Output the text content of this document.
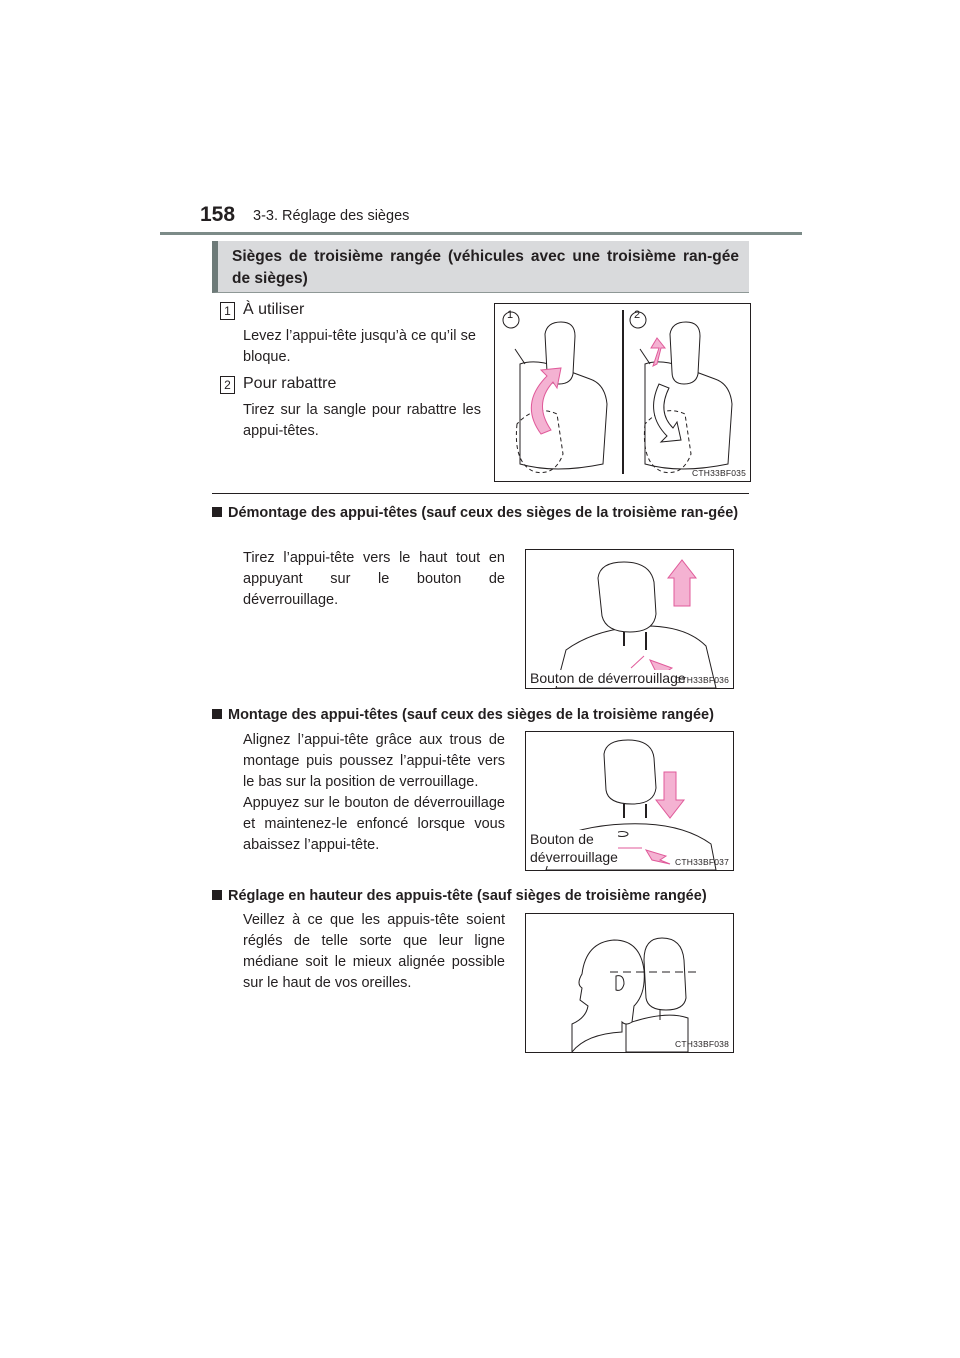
158 3-3. Réglage des sièges
Sièges de troisième rangée (véhicules avec une troisième ran-gée de sièges)
1 À utiliser
Levez l’appui-tête jusqu’à ce qu’il se bloque.
2 Pour rabattre
Tirez sur la sangle pour rabattre les appui-têtes.
1	2
CTH33BF035
Démontage des appui-têtes (sauf ceux des sièges de la troisième ran-gée)
Tirez l’appui-tête vers le haut tout en appuyant sur le bouton de déverrouillage.
Bouton de déverrouillage
CTH33BF036
Montage des appui-têtes (sauf ceux des sièges de la troisième rangée)
Alignez l’appui-tête grâce aux trous de montage puis poussez l’appui-tête vers le bas sur la position de verrouillage.
Appuyez sur le bouton de déverrouillage et maintenez-le enfoncé lorsque vous abaissez l’appui-tête.	Bouton de
déverrouillage	CTH33BF037
Réglage en hauteur des appuis-tête (sauf sièges de troisième rangée)
Veillez à ce que les appuis-tête soient réglés de telle sorte que leur ligne médiane soit le mieux alignée possible sur le haut de vos oreilles.
CTH33BF038
